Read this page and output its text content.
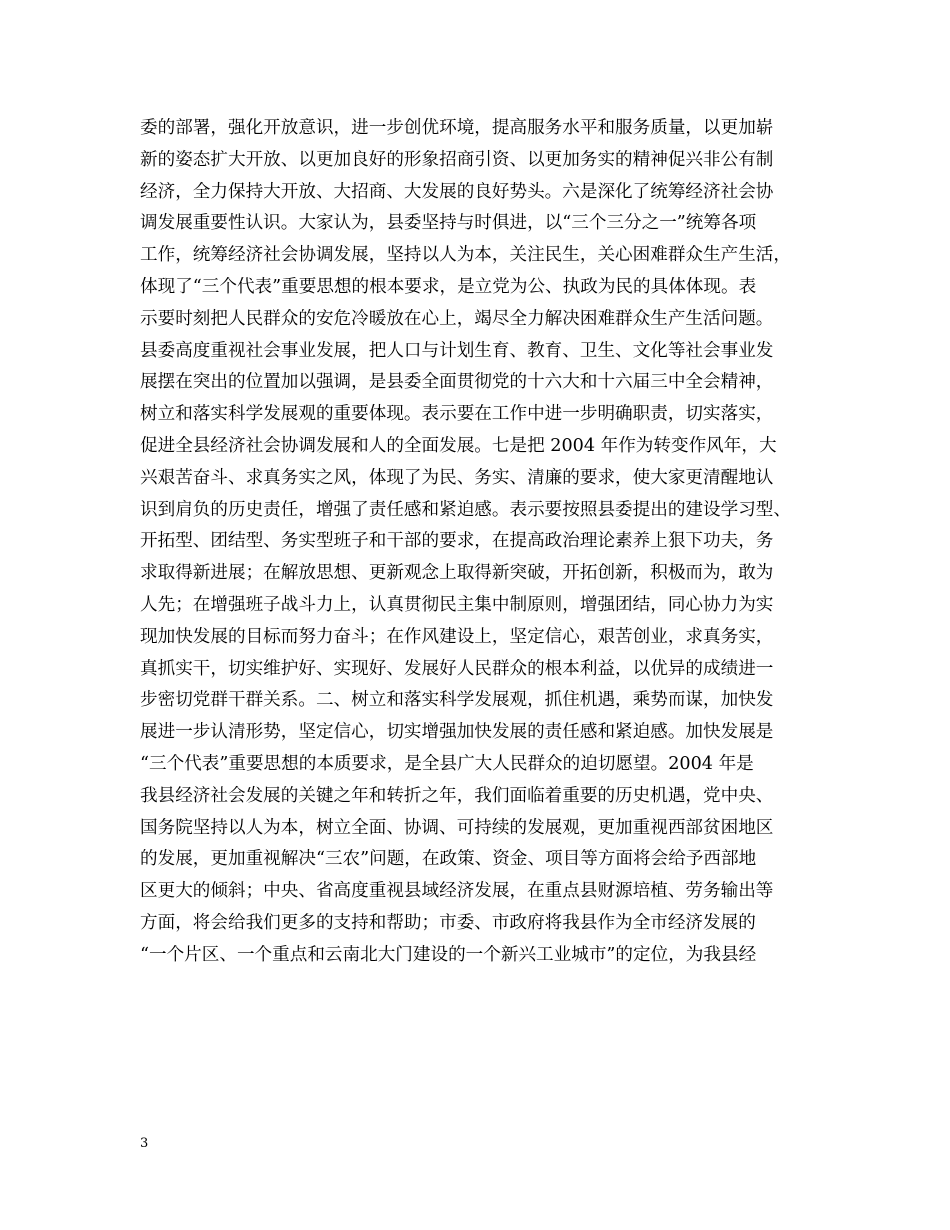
委的部署，强化开放意识，进一步创优环境，提高服务水平和服务质量，以更加崭
新的姿态扩大开放、以更加良好的形象招商引资、以更加务实的精神促兴非公有制
经济，全力保持大开放、大招商、大发展的良好势头。六是深化了统筹经济社会协
调发展重要性认识。大家认为，县委坚持与时俱进，以“三个三分之一”统筹各项
工作，统筹经济社会协调发展，坚持以人为本，关注民生，关心困难群众生产生活，
体现了“三个代表”重要思想的根本要求，是立党为公、执政为民的具体体现。表
示要时刻把人民群众的安危冷暖放在心上，竭尽全力解决困难群众生产生活问题。
县委高度重视社会事业发展，把人口与计划生育、教育、卫生、文化等社会事业发
展摆在突出的位置加以强调，是县委全面贯彻党的十六大和十六届三中全会精神，
树立和落实科学发展观的重要体现。表示要在工作中进一步明确职责，切实落实，
促进全县经济社会协调发展和人的全面发展。七是把 2004 年作为转变作风年，大
兴艰苦奋斗、求真务实之风，体现了为民、务实、清廉的要求，使大家更清醒地认
识到肩负的历史责任，增强了责任感和紧迫感。表示要按照县委提出的建设学习型、
开拓型、团结型、务实型班子和干部的要求，在提高政治理论素养上狠下功夫，务
求取得新进展；在解放思想、更新观念上取得新突破，开拓创新，积极而为，敢为
人先；在增强班子战斗力上，认真贯彻民主集中制原则，增强团结，同心协力为实
现加快发展的目标而努力奋斗；在作风建设上，坚定信心，艰苦创业，求真务实，
真抓实干，切实维护好、实现好、发展好人民群众的根本利益，以优异的成绩进一
步密切党群干群关系。二、树立和落实科学发展观，抓住机遇，乘势而谋，加快发
展进一步认清形势，坚定信心，切实增强加快发展的责任感和紧迫感。加快发展是
“三个代表”重要思想的本质要求，是全县广大人民群众的迫切愿望。2004 年是
我县经济社会发展的关键之年和转折之年，我们面临着重要的历史机遇，党中央、
国务院坚持以人为本，树立全面、协调、可持续的发展观，更加重视西部贫困地区
的发展，更加重视解决“三农”问题，在政策、资金、项目等方面将会给予西部地
区更大的倾斜；中央、省高度重视县域经济发展，在重点县财源培植、劳务输出等
方面，将会给我们更多的支持和帮助；市委、市政府将我县作为全市经济发展的
“一个片区、一个重点和云南北大门建设的一个新兴工业城市”的定位，为我县经
3
